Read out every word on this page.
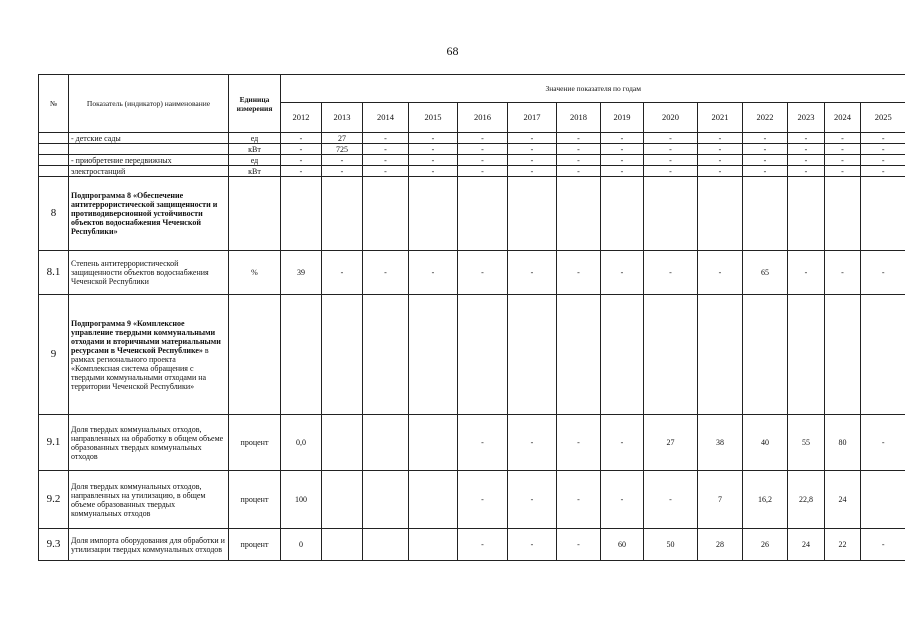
68
№	Показатель (индикатор) наименование	Единица измерения	Значение показателя по годам													
			2012	2013	2014	2015	2016	2017	2018	2019	2020	2021	2022	2023	2024	2025
	- детские сады	ед	-	27	-	-	-	-	-	-	-	-	-	-	-	-
		кВт	-	725	-	-	-	-	-	-	-	-	-	-	-	-
	- приобретение передвижных	ед	-	-	-	-	-	-	-	-	-	-	-	-	-	-
	электростанций	кВт	-	-	-	-	-	-	-	-	-	-	-	-	-	-
8	Подпрограмма 8 «Обеспечение антитеррористической защищенности и противодиверсионной устойчивости объектов водоснабжения Чеченской Республики»															
8.1	Степень антитеррористической защищенности объектов водоснабжения Чеченской Республики	%	39	-	-	-	-	-	-	-	-	-	65	-	-	-
9	Подпрограмма 9 «Комплексное управление твердыми коммунальными отходами и вторичными материальными ресурсами в Чеченской Республике» в рамках регионального проекта «Комплексная система обращения с твердыми коммунальными отходами на территории Чеченской Республики»															
9.1	Доля твердых коммунальных отходов, направленных на обработку в общем объеме образованных твердых коммунальных отходов	процент	0,0				-	-	-	-	27	38	40	55	80	-
9.2	Доля твердых коммунальных отходов, направленных на утилизацию, в общем объеме образованных твердых коммунальных отходов	процент	100				-	-	-	-	-	7	16,2	22,8	24	
9.3	Доля импорта оборудования для обработки и утилизации твердых коммунальных отходов	процент	0				-	-	-	60	50	28	26	24	22	-
